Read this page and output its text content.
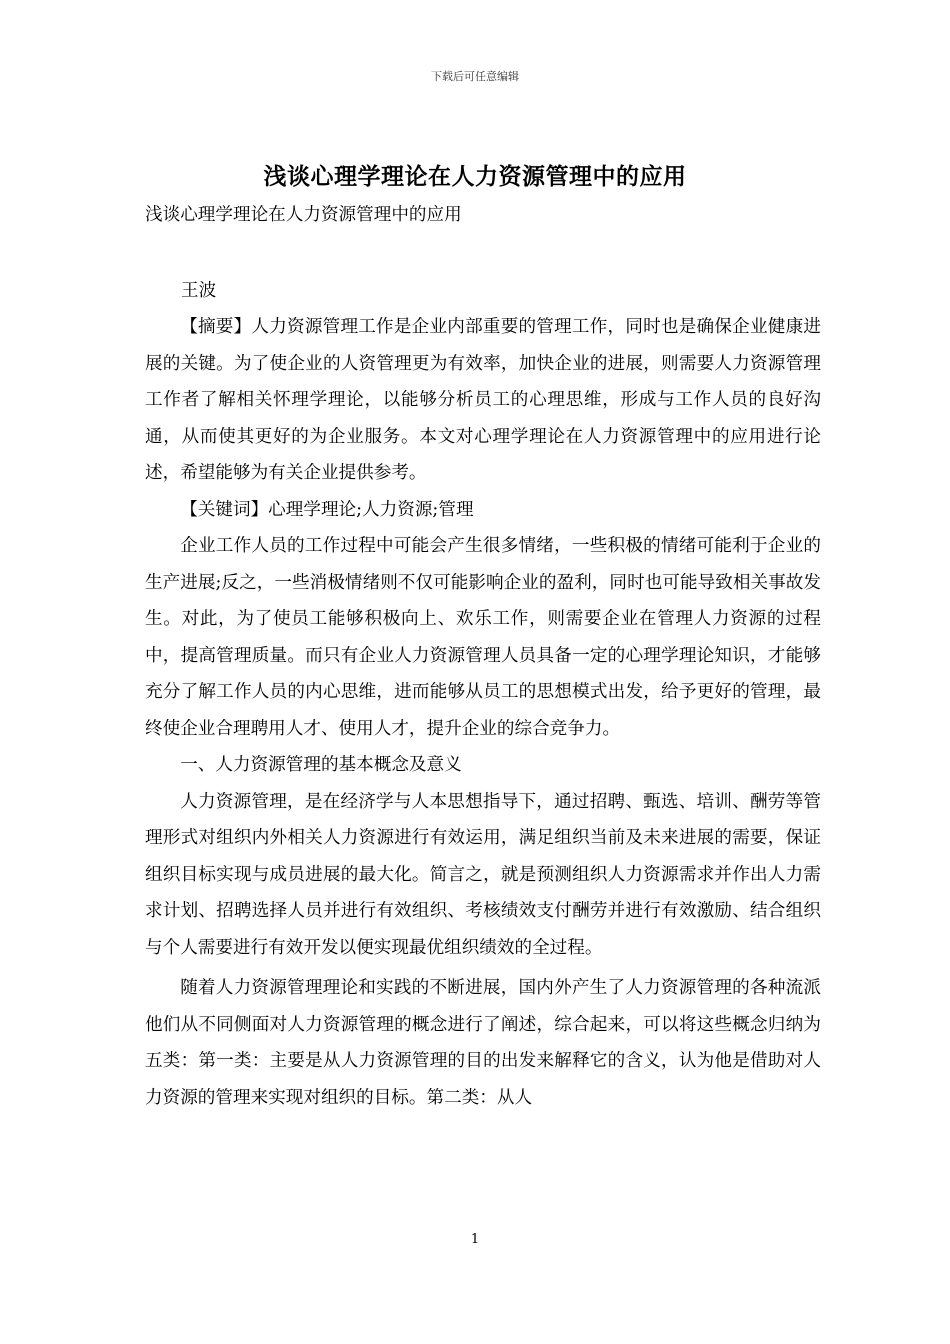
下载后可任意编辑
浅谈心理学理论在人力资源管理中的应用
浅谈心理学理论在人力资源管理中的应用
王波

【摘要】人力资源管理工作是企业内部重要的管理工作，同时也是确保企业健康进展的关键。为了使企业的人资管理更为有效率，加快企业的进展，则需要人力资源管理工作者了解相关怀理学理论，以能够分析员工的心理思维，形成与工作人员的良好沟通，从而使其更好的为企业服务。本文对心理学理论在人力资源管理中的应用进行论述，希望能够为有关企业提供参考。

【关键词】心理学理论;人力资源;管理

企业工作人员的工作过程中可能会产生很多情绪，一些积极的情绪可能利于企业的生产进展;反之，一些消极情绪则不仅可能影响企业的盈利，同时也可能导致相关事故发生。对此，为了使员工能够积极向上、欢乐工作，则需要企业在管理人力资源的过程中，提高管理质量。而只有企业人力资源管理人员具备一定的心理学理论知识，才能够充分了解工作人员的内心思维，进而能够从员工的思想模式出发，给予更好的管理，最终使企业合理聘用人才、使用人才，提升企业的综合竞争力。

一、人力资源管理的基本概念及意义

人力资源管理，是在经济学与人本思想指导下，通过招聘、甄选、培训、酬劳等管理形式对组织内外相关人力资源进行有效运用，满足组织当前及未来进展的需要，保证组织目标实现与成员进展的最大化。简言之，就是预测组织人力资源需求并作出人力需求计划、招聘选择人员并进行有效组织、考核绩效支付酬劳并进行有效激励、结合组织与个人需要进行有效开发以便实现最优组织绩效的全过程。

随着人力资源管理理论和实践的不断进展，国内外产生了人力资源管理的各种流派他们从不同侧面对人力资源管理的概念进行了阐述，综合起来，可以将这些概念归纳为五类：第一类：主要是从人力资源管理的目的出发来解释它的含义，认为他是借助对人力资源的管理来实现对组织的目标。第二类：从人

1
